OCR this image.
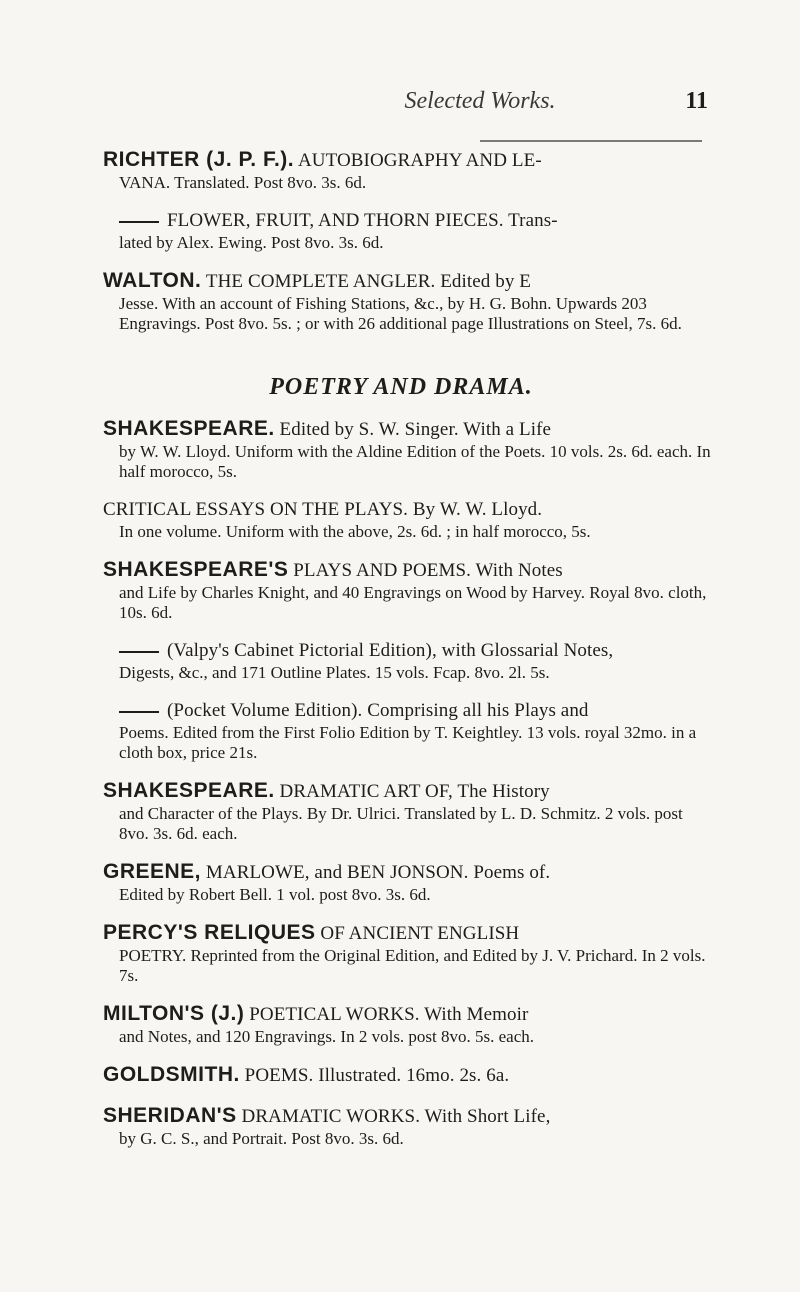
Selected Works.	11
RICHTER (J. P. F.). AUTOBIOGRAPHY AND LE-
VANA. Translated. Post 8vo. 3s. 6d.
FLOWER, FRUIT, AND THORN PIECES. Trans-
lated by Alex. Ewing. Post 8vo. 3s. 6d.
WALTON. THE COMPLETE ANGLER. Edited by E
Jesse. With an account of Fishing Stations, &c., by H. G. Bohn. Upwards 203 Engravings. Post 8vo. 5s. ; or with 26 additional page Illustrations on Steel, 7s. 6d.
POETRY AND DRAMA.
SHAKESPEARE. Edited by S. W. Singer. With a Life
by W. W. Lloyd. Uniform with the Aldine Edition of the Poets. 10 vols. 2s. 6d. each. In half morocco, 5s.
CRITICAL ESSAYS ON THE PLAYS. By W. W. Lloyd.
In one volume. Uniform with the above, 2s. 6d. ; in half morocco, 5s.
SHAKESPEARE'S PLAYS AND POEMS. With Notes
and Life by Charles Knight, and 40 Engravings on Wood by Harvey. Royal 8vo. cloth, 10s. 6d.
(Valpy's Cabinet Pictorial Edition), with Glossarial Notes,
Digests, &c., and 171 Outline Plates. 15 vols. Fcap. 8vo. 2l. 5s.
(Pocket Volume Edition). Comprising all his Plays and
Poems. Edited from the First Folio Edition by T. Keightley. 13 vols. royal 32mo. in a cloth box, price 21s.
SHAKESPEARE. DRAMATIC ART OF, The History
and Character of the Plays. By Dr. Ulrici. Translated by L. D. Schmitz. 2 vols. post 8vo. 3s. 6d. each.
GREENE, MARLOWE, and BEN JONSON. Poems of.
Edited by Robert Bell. 1 vol. post 8vo. 3s. 6d.
PERCY'S RELIQUES OF ANCIENT ENGLISH
POETRY. Reprinted from the Original Edition, and Edited by J. V. Prichard. In 2 vols. 7s.
MILTON'S (J.) POETICAL WORKS. With Memoir
and Notes, and 120 Engravings. In 2 vols. post 8vo. 5s. each.
GOLDSMITH. POEMS. Illustrated. 16mo. 2s. 6a.
SHERIDAN'S DRAMATIC WORKS. With Short Life,
by G. C. S., and Portrait. Post 8vo. 3s. 6d.
